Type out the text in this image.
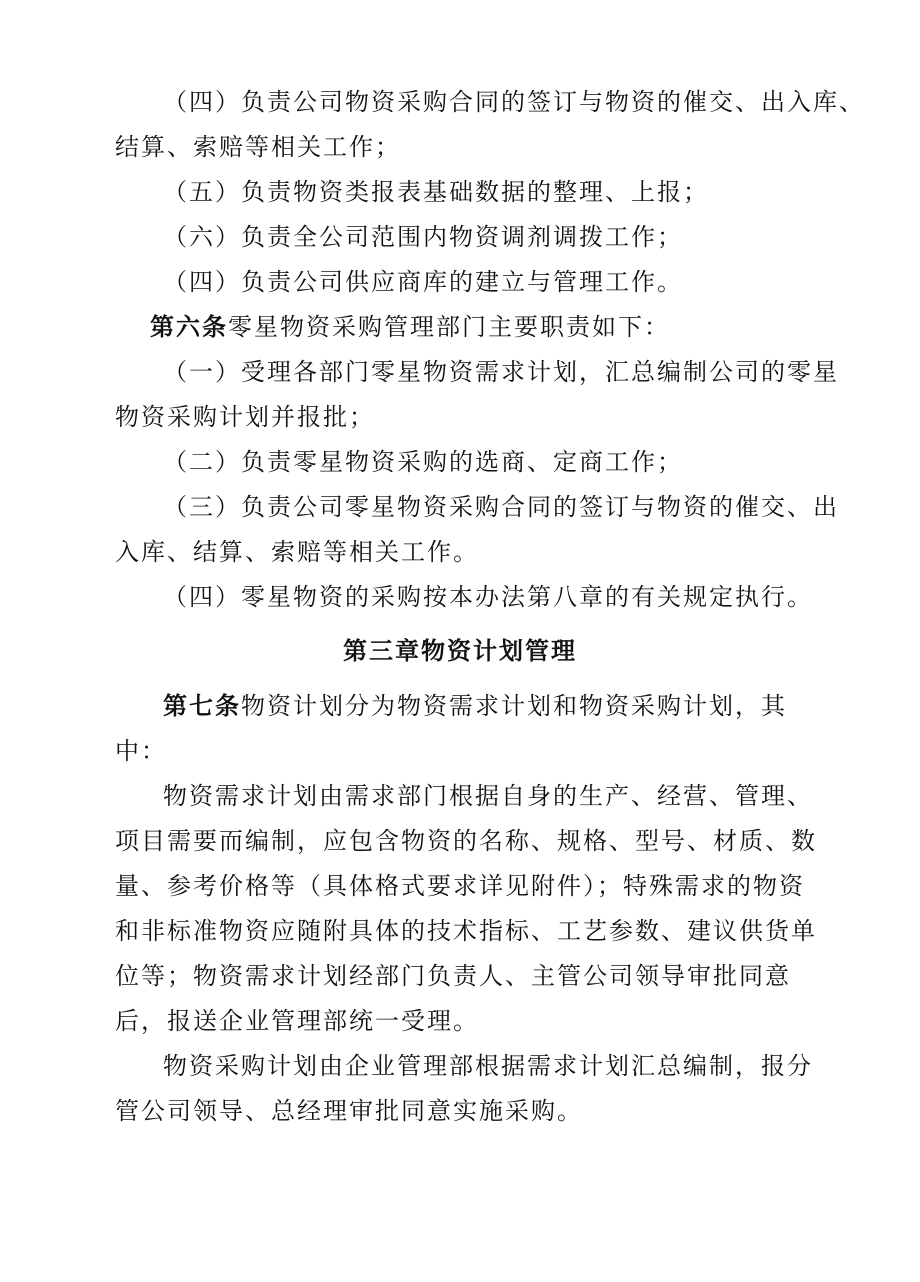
（四）负责公司物资采购合同的签订与物资的催交、出入库、
结算、索赔等相关工作；
（五）负责物资类报表基础数据的整理、上报；
（六）负责全公司范围内物资调剂调拨工作；
（四）负责公司供应商库的建立与管理工作。
第六条零星物资采购管理部门主要职责如下：
（一）受理各部门零星物资需求计划，汇总编制公司的零星
物资采购计划并报批；
（二）负责零星物资采购的选商、定商工作；
（三）负责公司零星物资采购合同的签订与物资的催交、出
入库、结算、索赔等相关工作。
（四）零星物资的采购按本办法第八章的有关规定执行。
第三章物资计划管理
第七条物资计划分为物资需求计划和物资采购计划，其
中：
物资需求计划由需求部门根据自身的生产、经营、管理、
项目需要而编制，应包含物资的名称、规格、型号、材质、数
量、参考价格等（具体格式要求详见附件）；特殊需求的物资
和非标准物资应随附具体的技术指标、工艺参数、建议供货单
位等；物资需求计划经部门负责人、主管公司领导审批同意
后，报送企业管理部统一受理。
物资采购计划由企业管理部根据需求计划汇总编制，报分
管公司领导、总经理审批同意实施采购。
